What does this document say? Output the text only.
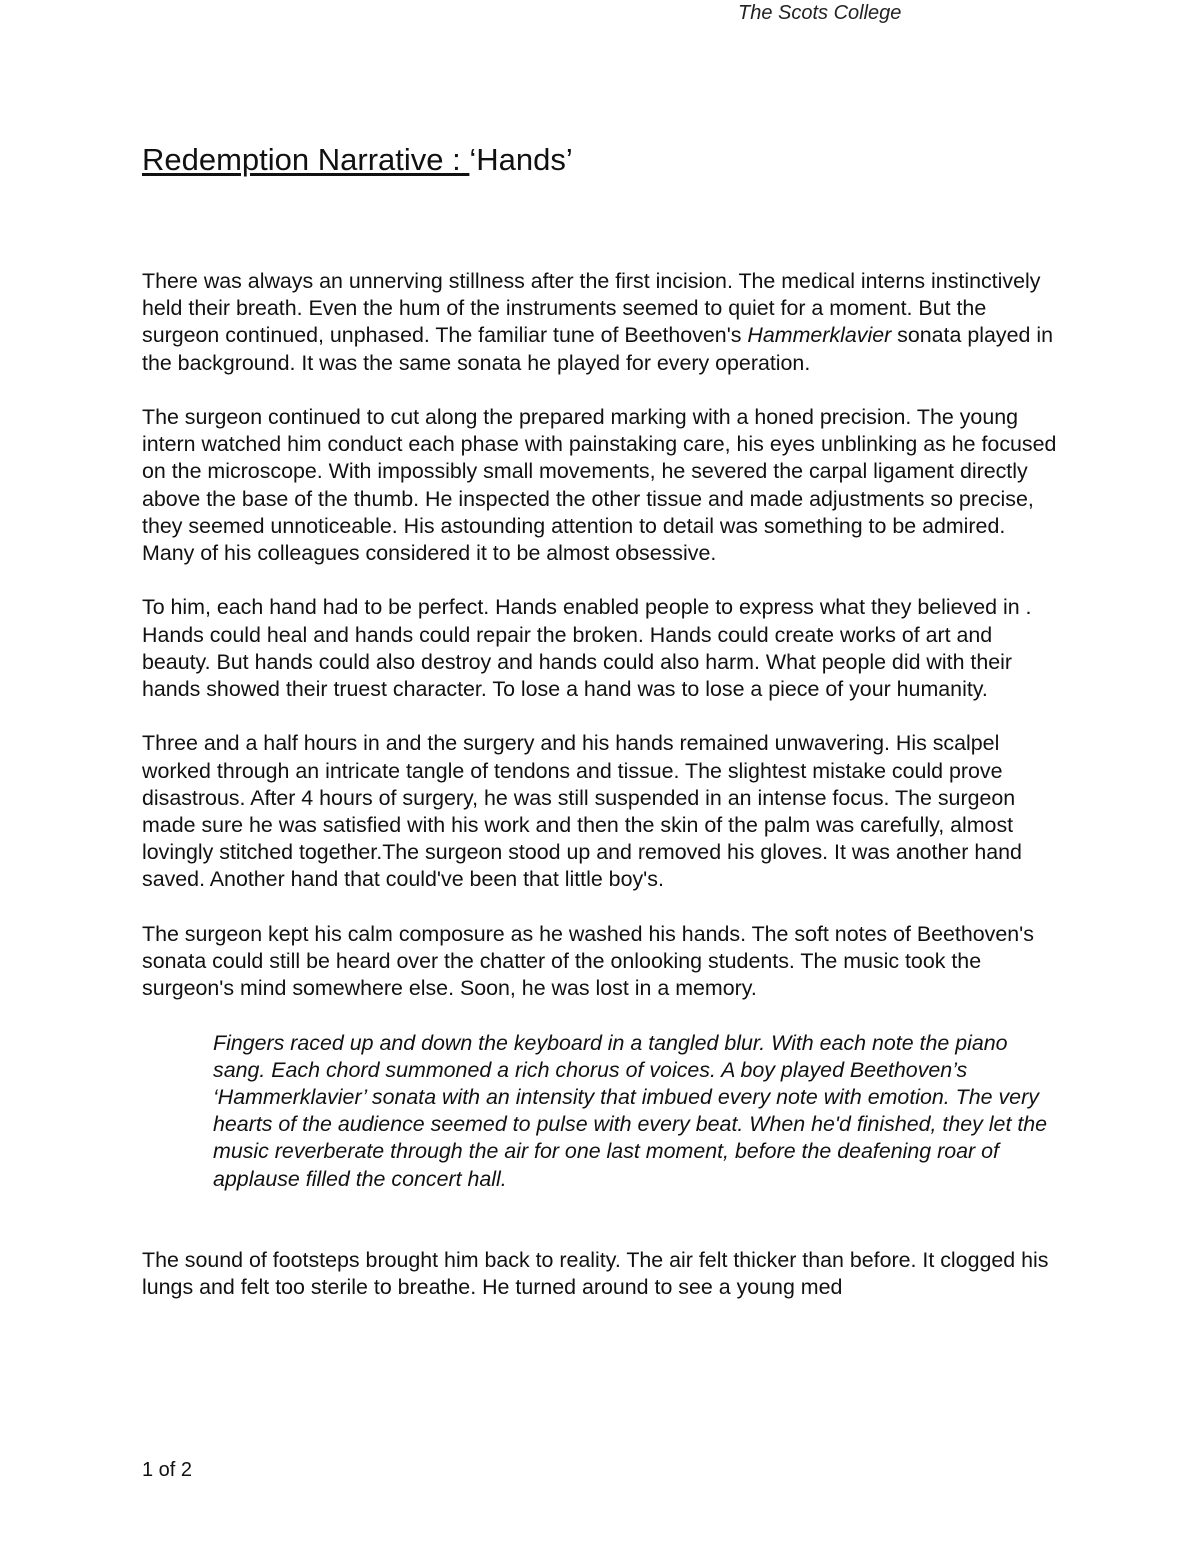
The Scots College
Redemption Narrative : ‘Hands’

There was always an unnerving stillness after the first incision. The medical interns instinctively held their breath. Even the hum of the instruments seemed to quiet for a moment. But the surgeon continued, unphased. The familiar tune of Beethoven's Hammerklavier sonata played in the background. It was the same sonata he played for every operation.

The surgeon continued to cut along the prepared marking with a honed precision. The young intern watched him conduct each phase with painstaking care, his eyes unblinking as he focused on the microscope. With impossibly small movements, he severed the carpal ligament directly above the base of the thumb. He inspected the other tissue and made adjustments so precise, they seemed unnoticeable. His astounding attention to detail was something to be admired. Many of his colleagues considered it to be almost obsessive.

To him, each hand had to be perfect. Hands enabled people to express what they believed in . Hands could heal and hands could repair the broken. Hands could create works of art and beauty. But hands could also destroy and hands could also harm. What people did with their hands showed their truest character. To lose a hand was to lose a piece of your humanity.

Three and a half hours in and the surgery and his hands remained unwavering. His scalpel worked through an intricate tangle of tendons and tissue. The slightest mistake could prove disastrous. After 4 hours of surgery, he was still suspended in an intense focus. The surgeon made sure he was satisfied with his work and then the skin of the palm was carefully, almost lovingly stitched together.The surgeon stood up and removed his gloves. It was another hand saved. Another hand that could've been that little boy's.

The surgeon kept his calm composure as he washed his hands. The soft notes of Beethoven's sonata could still be heard over the chatter of the onlooking students. The music took the surgeon's mind somewhere else. Soon, he was lost in a memory.

Fingers raced up and down the keyboard in a tangled blur. With each note the piano sang. Each chord summoned a rich chorus of voices. A boy played Beethoven’s ‘Hammerklavier’ sonata with an intensity that imbued every note with emotion. The very hearts of the audience seemed to pulse with every beat. When he'd finished, they let the music reverberate through the air for one last moment, before the deafening roar of applause filled the concert hall.

The sound of footsteps brought him back to reality. The air felt thicker than before. It clogged his lungs and felt too sterile to breathe. He turned around to see a young med

1 of 2
